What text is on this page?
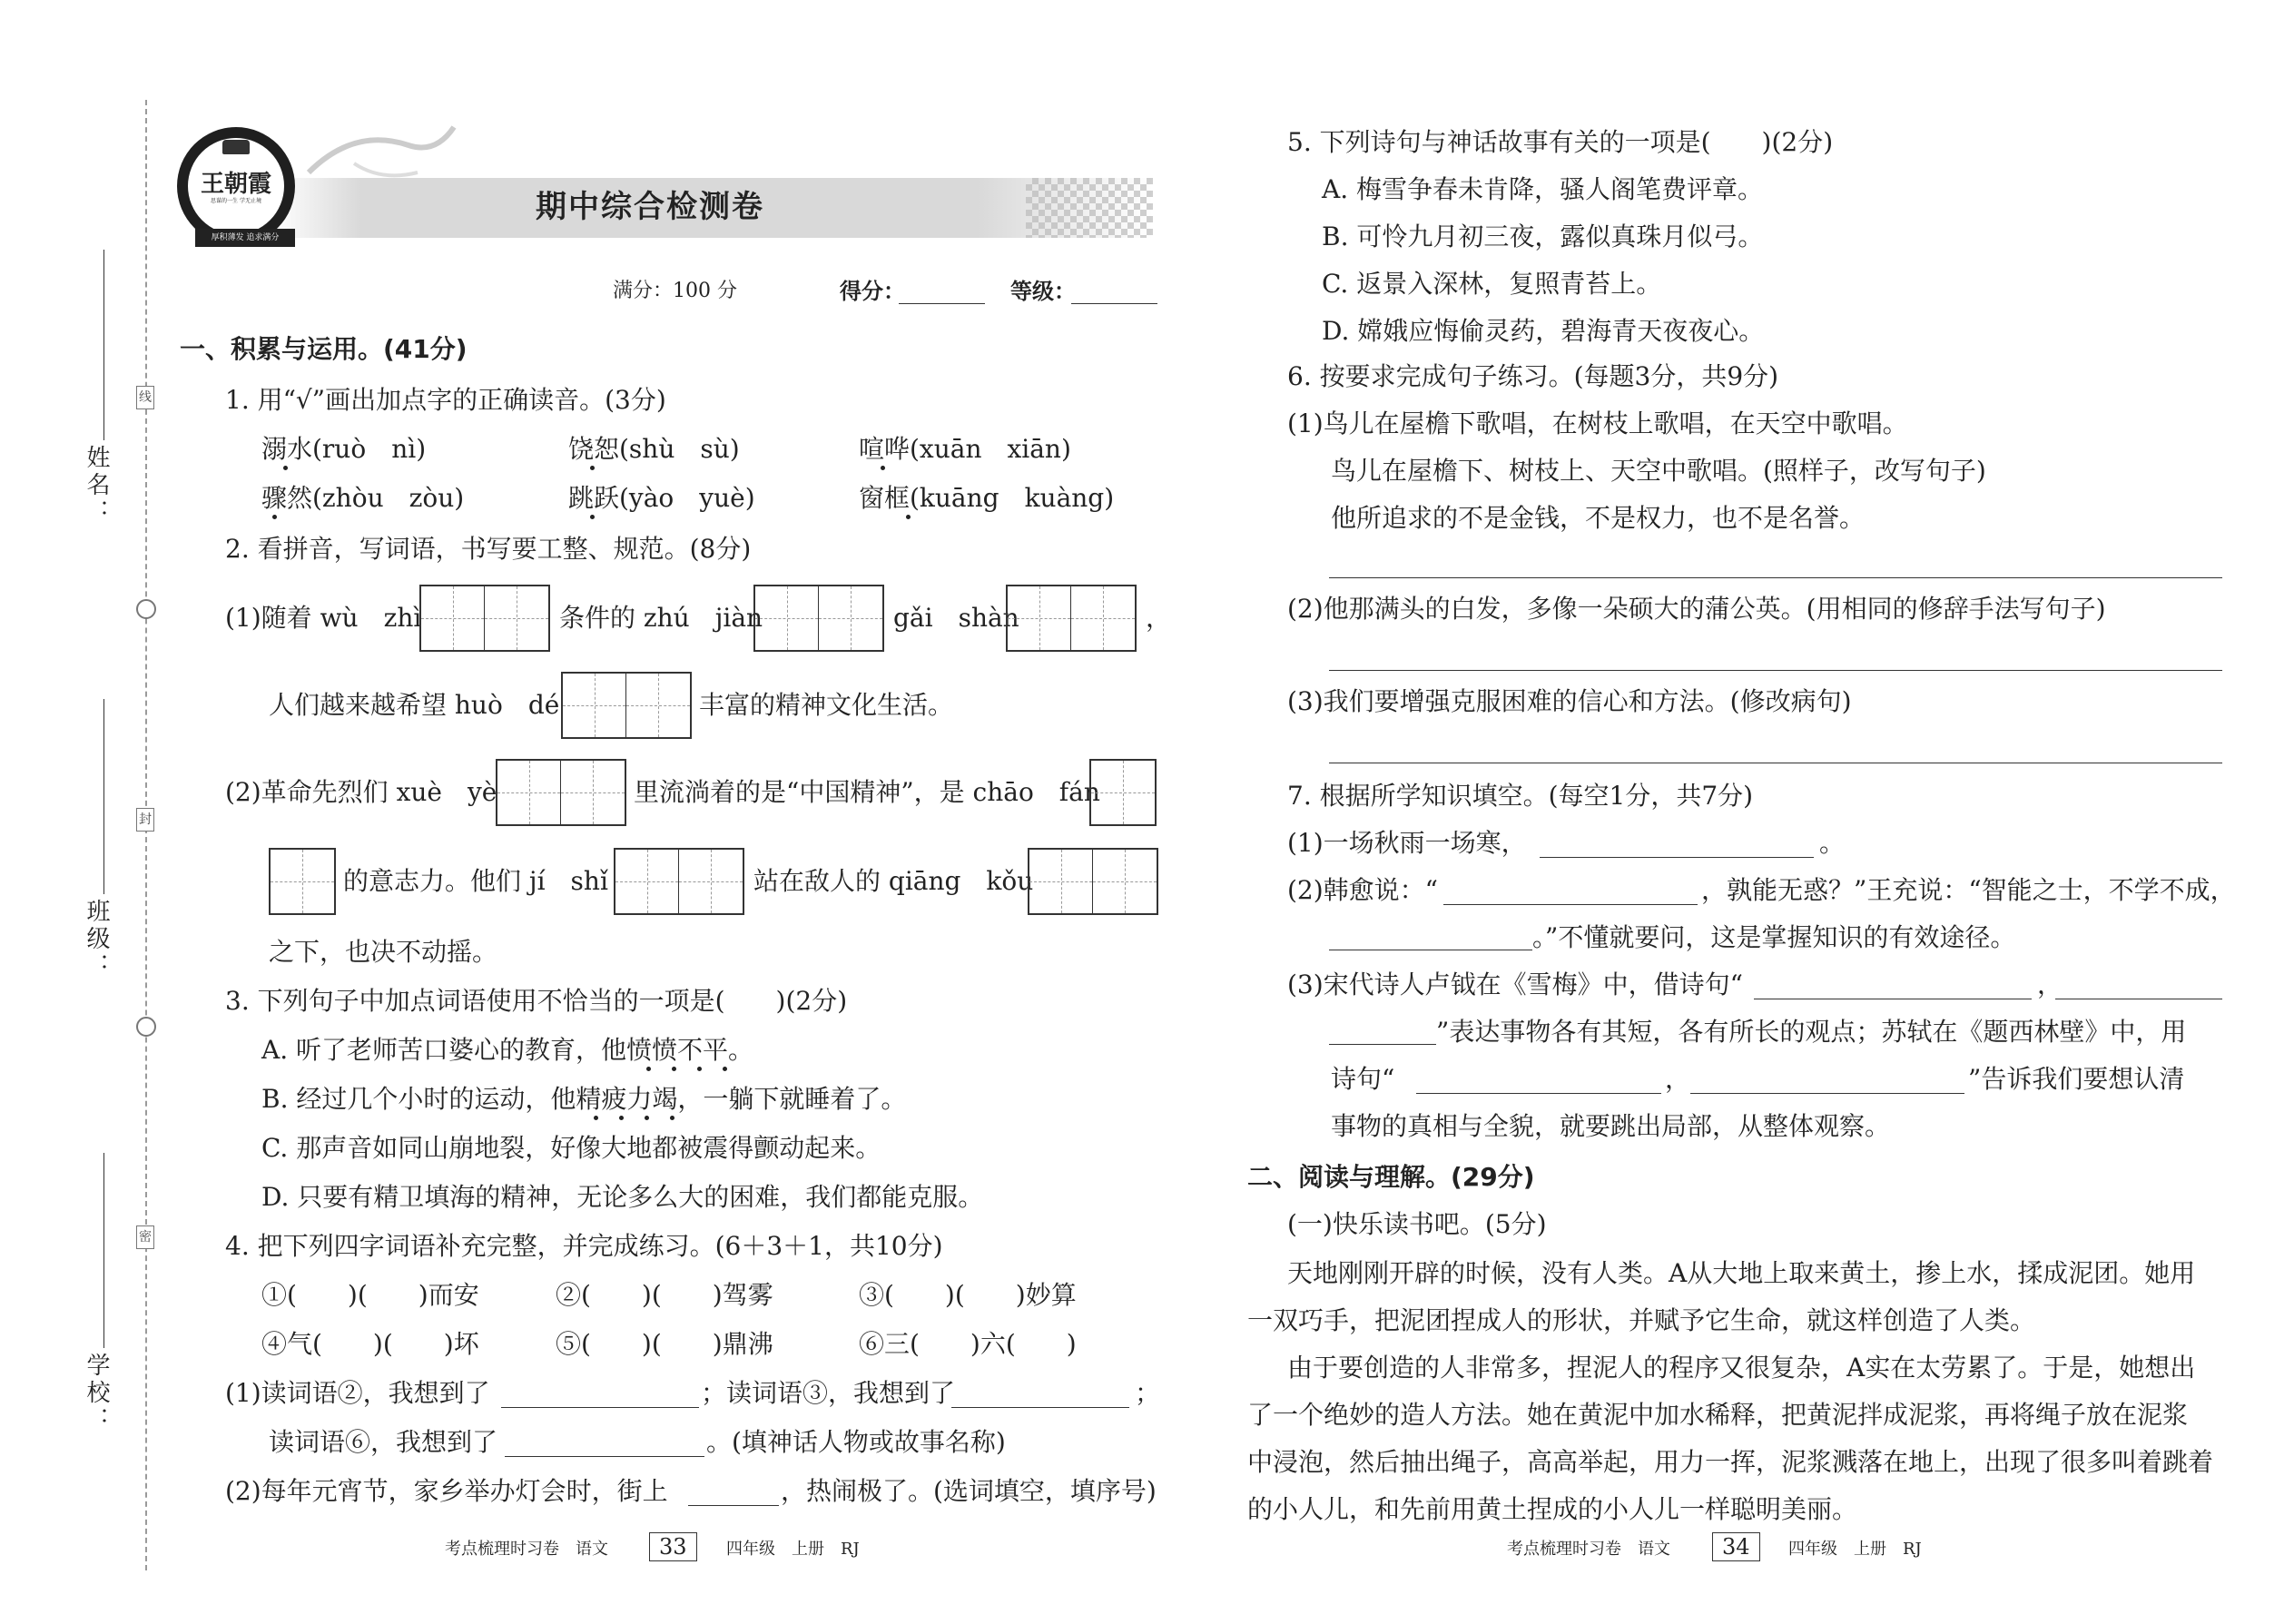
姓名：
班级：
学校：
线
封
密
王朝霞
思谋的一生 学无止境
厚积薄发 追求满分
期中综合检测卷
满分：100 分	得分：	等级：
一、积累与运用。(41分)
1. 用“√”画出加点字的正确读音。(3分)
溺水(ruò　nì)	饶恕(shù　sù)	喧哗(xuān　xiān)
骤然(zhòu　zòu)	跳跃(yào　yuè)	窗框(kuāng　kuàng)
2. 看拼音，写词语，书写要工整、规范。(8分)
(1)随着 wù　zhì	条件的 zhú　jiàn	gǎi　shàn	，
人们越来越希望 huò　dé	丰富的精神文化生活。
(2)革命先烈们 xuè　yè	里流淌着的是“中国精神”，是 chāo　fán
的意志力。他们 jí　shǐ	站在敌人的 qiāng　kǒu
之下，也决不动摇。
3. 下列句子中加点词语使用不恰当的一项是(　　)(2分)
A. 听了老师苦口婆心的教育，他愤愤不平。
B. 经过几个小时的运动，他精疲力竭，一躺下就睡着了。
C. 那声音如同山崩地裂，好像大地都被震得颤动起来。
D. 只要有精卫填海的精神，无论多么大的困难，我们都能克服。
4. 把下列四字词语补充完整，并完成练习。(6＋3＋1，共10分)
①(　　)(　　)而安	②(　　)(　　)驾雾	③(　　)(　　)妙算
④气(　　)(　　)坏	⑤(　　)(　　)鼎沸	⑥三(　　)六(　　)
(1)读词语②，我想到了	；读词语③，我想到了	；
读词语⑥，我想到了	。(填神话人物或故事名称)
(2)每年元宵节，家乡举办灯会时，街上	，热闹极了。(选词填空，填序号)
考点梳理时习卷　语文	33	四年级　上册　RJ
5. 下列诗句与神话故事有关的一项是(　　)(2分)
A. 梅雪争春未肯降，骚人阁笔费评章。
B. 可怜九月初三夜，露似真珠月似弓。
C. 返景入深林，复照青苔上。
D. 嫦娥应悔偷灵药，碧海青天夜夜心。
6. 按要求完成句子练习。(每题3分，共9分)
(1)鸟儿在屋檐下歌唱，在树枝上歌唱，在天空中歌唱。
鸟儿在屋檐下、树枝上、天空中歌唱。(照样子，改写句子)
他所追求的不是金钱，不是权力，也不是名誉。
(2)他那满头的白发，多像一朵硕大的蒲公英。(用相同的修辞手法写句子)
(3)我们要增强克服困难的信心和方法。(修改病句)
7. 根据所学知识填空。(每空1分，共7分)
(1)一场秋雨一场寒，	。
(2)韩愈说：“	，孰能无惑？”王充说：“智能之士，不学不成，
。”不懂就要问，这是掌握知识的有效途径。
(3)宋代诗人卢钺在《雪梅》中，借诗句“	，
”表达事物各有其短，各有所长的观点；苏轼在《题西林壁》中，用
诗句“	，	”告诉我们要想认清
事物的真相与全貌，就要跳出局部，从整体观察。
二、阅读与理解。(29分)
(一)快乐读书吧。(5分)
天地刚刚开辟的时候，没有人类。A从大地上取来黄土，掺上水，揉成泥团。她用
一双巧手，把泥团捏成人的形状，并赋予它生命，就这样创造了人类。
由于要创造的人非常多，捏泥人的程序又很复杂，A实在太劳累了。于是，她想出
了一个绝妙的造人方法。她在黄泥中加水稀释，把黄泥拌成泥浆，再将绳子放在泥浆
中浸泡，然后抽出绳子，高高举起，用力一挥，泥浆溅落在地上，出现了很多叫着跳着
的小人儿，和先前用黄土捏成的小人儿一样聪明美丽。
考点梳理时习卷　语文	34	四年级　上册　RJ
